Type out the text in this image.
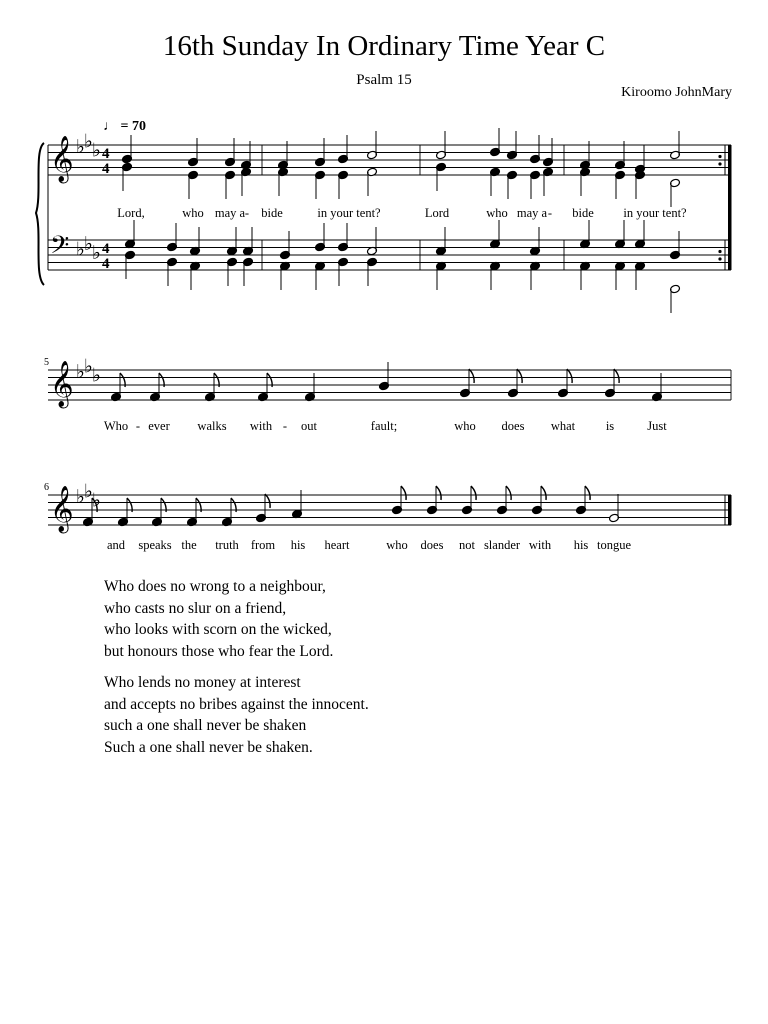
16th Sunday In Ordinary Time Year C
Psalm 15
Kiroomo JohnMary
♩ = 70
5
6
𝄞
𝄢
𝄞
𝄞
♭ ♭ ♭
♭ ♭ ♭
♭ ♭ ♭
♭ ♭ ♭
4
4
4
4
Lord,	who may a - bide	in your tent?	Lord	who may a - bide in your tent?
Who - ever walks with - out	fault;	who does what is	Just
and speaks the truth from his heart	who does not slander with his tongue
Who does no wrong to a neighbour,
who casts no slur on a friend,
who looks with scorn on the wicked,
but honours those who fear the Lord.
Who lends no money at interest
and accepts no bribes against the innocent.
such a one shall never be shaken
Such a one shall never be shaken.
